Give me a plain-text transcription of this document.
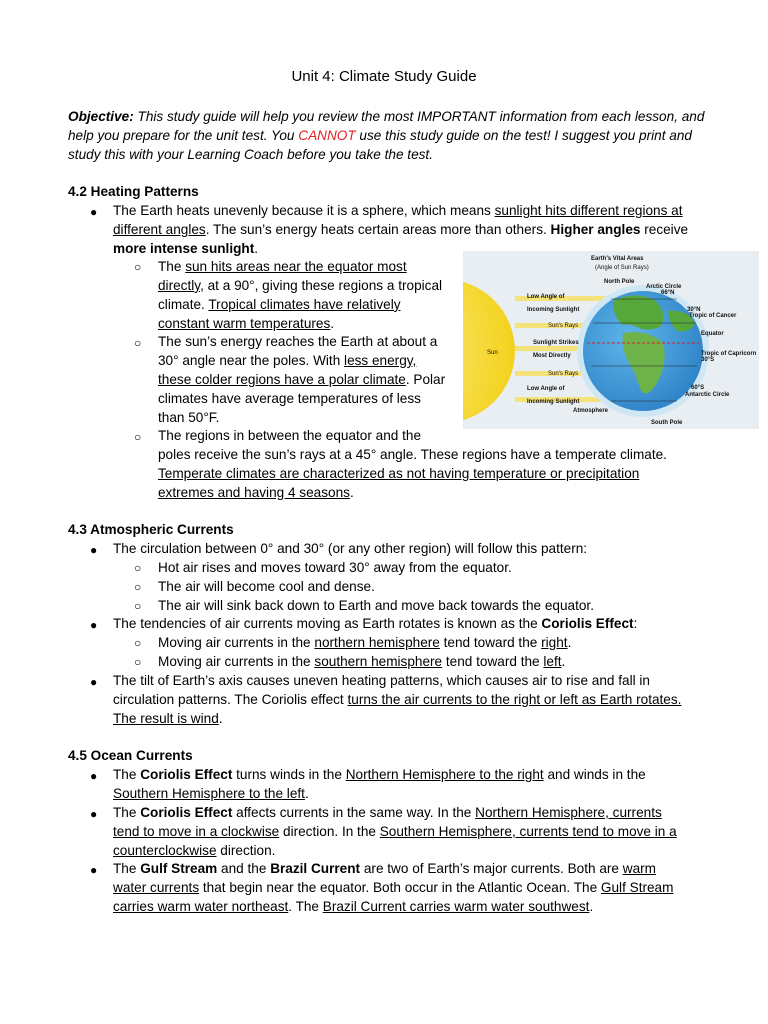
Unit 4: Climate Study Guide
Objective: This study guide will help you review the most IMPORTANT information from each lesson, and help you prepare for the unit test. You CANNOT use this study guide on the test! I suggest you print and study this with your Learning Coach before you take the test.
4.2 Heating Patterns
● The Earth heats unevenly because it is a sphere, which means sunlight hits different regions at
different angles. The sun’s energy heats certain areas more than others. Higher angles receive
more intense sunlight.
○ The sun hits areas near the equator most
directly, at a 90°, giving these regions a tropical
climate. Tropical climates have relatively
constant warm temperatures.
○ The sun’s energy reaches the Earth at about a
30° angle near the poles. With less energy,
these colder regions have a polar climate. Polar
climates have average temperatures of less
than 50°F.
○ The regions in between the equator and the
poles receive the sun’s rays at a 45° angle. These regions have a temperate climate.
Temperate climates are characterized as not having temperature or precipitation
extremes and having 4 seasons.
Sun
Earth's Vital Areas
(Angle of Sun Rays)
Sun's Rays
Sun's Rays
North Pole
Arctic Circle
66°N
30°N
Tropic of Cancer
Equator
Tropic of Capricorn
30°S
60°S
Antarctic Circle
South Pole
Low Angle of
Incoming Sunlight
Sunlight Strikes
Most Directly
Low Angle of
Incoming Sunlight
Atmosphere
4.3 Atmospheric Currents
● The circulation between 0° and 30° (or any other region) will follow this pattern:
○ Hot air rises and moves toward 30° away from the equator.
○ The air will become cool and dense.
○ The air will sink back down to Earth and move back towards the equator.
● The tendencies of air currents moving as Earth rotates is known as the Coriolis Effect:
○ Moving air currents in the northern hemisphere tend toward the right.
○ Moving air currents in the southern hemisphere tend toward the left.
● The tilt of Earth’s axis causes uneven heating patterns, which causes air to rise and fall in
circulation patterns. The Coriolis effect turns the air currents to the right or left as Earth rotates.
The result is wind.
4.5 Ocean Currents
● The Coriolis Effect turns winds in the Northern Hemisphere to the right and winds in the
Southern Hemisphere to the left.
● The Coriolis Effect affects currents in the same way. In the Northern Hemisphere, currents
tend to move in a clockwise direction. In the Southern Hemisphere, currents tend to move in a
counterclockwise direction.
● The Gulf Stream and the Brazil Current are two of Earth’s major currents. Both are warm
water currents that begin near the equator. Both occur in the Atlantic Ocean. The Gulf Stream
carries warm water northeast. The Brazil Current carries warm water southwest.
